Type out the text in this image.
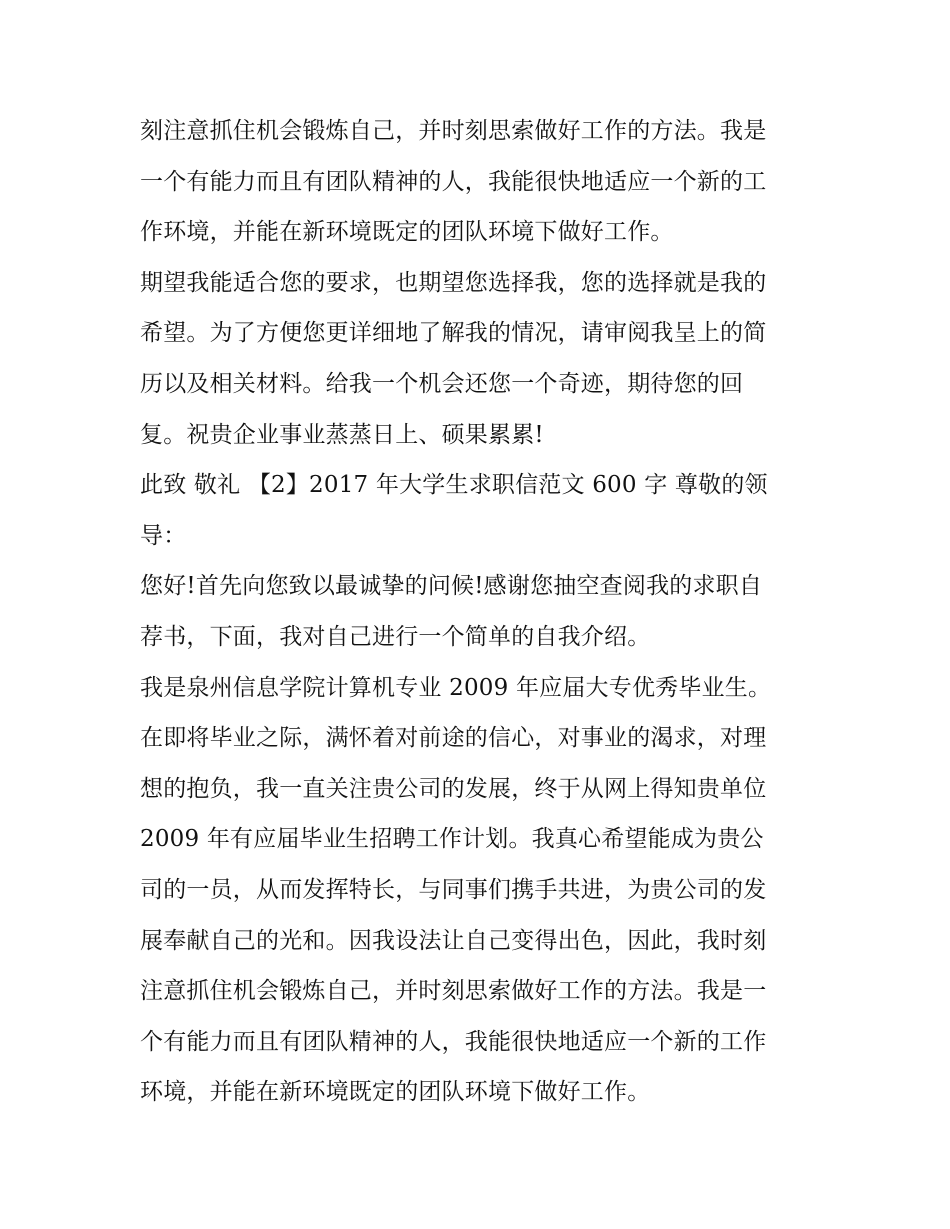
刻注意抓住机会锻炼自己，并时刻思索做好工作的方法。我是
一个有能力而且有团队精神的人，我能很快地适应一个新的工
作环境，并能在新环境既定的团队环境下做好工作。
期望我能适合您的要求，也期望您选择我，您的选择就是我的
希望。为了方便您更详细地了解我的情况，请审阅我呈上的简
历以及相关材料。给我一个机会还您一个奇迹，期待您的回
复。祝贵企业事业蒸蒸日上、硕果累累!
此致 敬礼 【2】2017 年大学生求职信范文 600 字 尊敬的领
导：
您好!首先向您致以最诚挚的问候!感谢您抽空查阅我的求职自
荐书，下面，我对自己进行一个简单的自我介绍。
我是泉州信息学院计算机专业 2009 年应届大专优秀毕业生。
在即将毕业之际，满怀着对前途的信心，对事业的渴求，对理
想的抱负，我一直关注贵公司的发展，终于从网上得知贵单位
2009 年有应届毕业生招聘工作计划。我真心希望能成为贵公
司的一员，从而发挥特长，与同事们携手共进，为贵公司的发
展奉献自己的光和。因我设法让自己变得出色，因此，我时刻
注意抓住机会锻炼自己，并时刻思索做好工作的方法。我是一
个有能力而且有团队精神的人，我能很快地适应一个新的工作
环境，并能在新环境既定的团队环境下做好工作。
